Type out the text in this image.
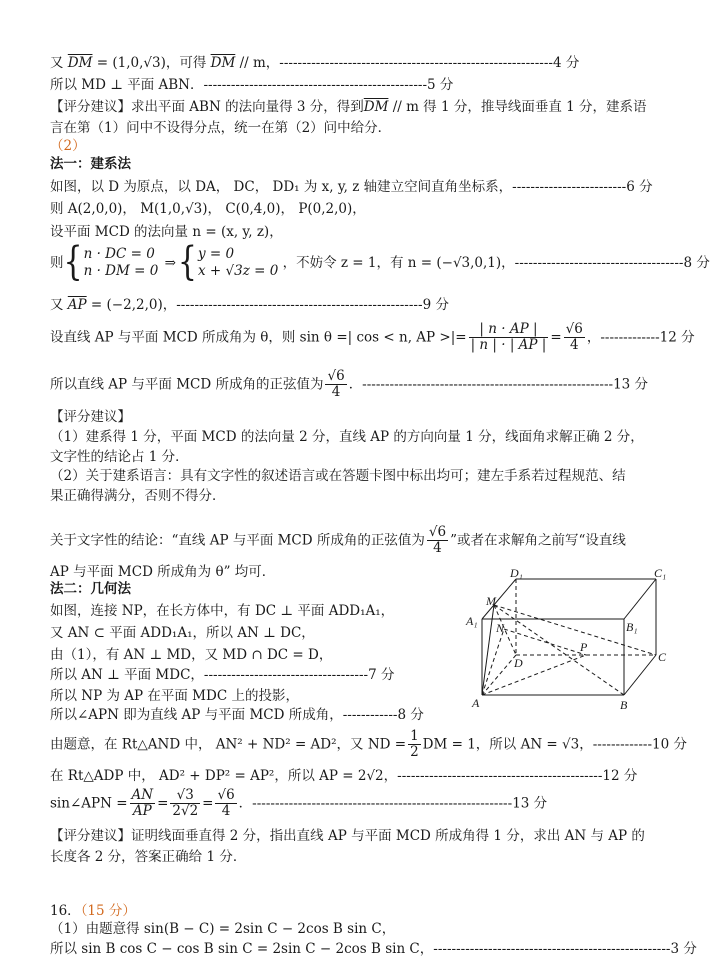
又 $\overline{DM} = (1,0,√3)$，可得 $\overline{DM}$ // m，------------------------------------------------------------4 分
所以 MD ⊥ 平面 ABN．-------------------------------------------------5 分
【评分建议】求出平面 ABN 的法向量得 3 分，得到$\overline{DM}$ // m 得 1 分，推导线面垂直 1 分，建系语
言在第（1）问中不设得分点，统一在第（2）问中给分．
（2）
法一：建系法
如图，以 D 为原点，以 DA， DC， DD₁ 为 x, y, z 轴建立空间直角坐标系，-------------------------6 分
则 A(2,0,0)， M(1,0,√3)， C(0,4,0)， P(0,2,0)，
设平面 MCD 的法向量 n = (x, y, z)，
则{ n · DC = 0
n · DM = 0 ⇒{ y = 0
x + √3z = 0 ，不妨令 z = 1，有 n = (−√3,0,1)，-------------------------------------8 分
又 $\overline{AP} = (-2,2,0)$，------------------------------------------------------9 分
设直线 AP 与平面 MCD 所成角为 θ，则 sin θ =| cos < n, AP >|= $\frac{| n \cdot AP |}{| n | \cdot | AP |} = \frac{√6}{4}$ ，-------------12 分
所以直线 AP 与平面 MCD 所成角的正弦值为 $\frac{√6}{4}$ ．-------------------------------------------------------13 分
【评分建议】
（1）建系得 1 分，平面 MCD 的法向量 2 分，直线 AP 的方向向量 1 分，线面角求解正确 2 分，
文字性的结论占 1 分．
（2）关于建系语言：具有文字性的叙述语言或在答题卡图中标出均可；建左手系若过程规范、结
果正确得满分，否则不得分．
关于文字性的结论：“直线 AP 与平面 MCD 所成角的正弦值为 $\frac{√6}{4}$ ”或者在求解角之前写“设直线
AP 与平面 MCD 所成角为 θ” 均可．
法二：几何法
如图，连接 NP，在长方体中，有 DC ⊥ 平面 ADD₁A₁，
又 AN ⊂ 平面 ADD₁A₁，所以 AN ⊥ DC，
由（1），有 AN ⊥ MD，又 MD ∩ DC = D，
所以 AN ⊥ 平面 MDC，------------------------------------7 分
所以 NP 为 AP 在平面 MDC 上的投影，
所以∠APN 即为直线 AP 与平面 MCD 所成角，------------8 分
由题意，在 Rt△AND 中， AN² + ND² = AD²，又 ND = $\frac{1}{2}$ DM = 1，所以 AN = √3，-------------10 分
在 Rt△ADP 中， AD² + DP² = AP²，所以 AP = 2√2，---------------------------------------------12 分
sin∠APN = $\frac{AN}{AP} = \frac{√3}{2√2} = \frac{√6}{4}$ ．---------------------------------------------------------13 分
【评分建议】证明线面垂直得 2 分，指出直线 AP 与平面 MCD 所成角得 1 分，求出 AN 与 AP 的
长度各 2 分，答案正确给 1 分．
16．（15 分）
（1）由题意得 sin(B − C) = 2sin C − 2cos B sin C，
所以 sin B cos C − cos B sin C = 2sin C − 2cos B sin C，----------------------------------------------------3 分
D₁	C₁
M
A₁ N	B₁
D
P
C
A	B
